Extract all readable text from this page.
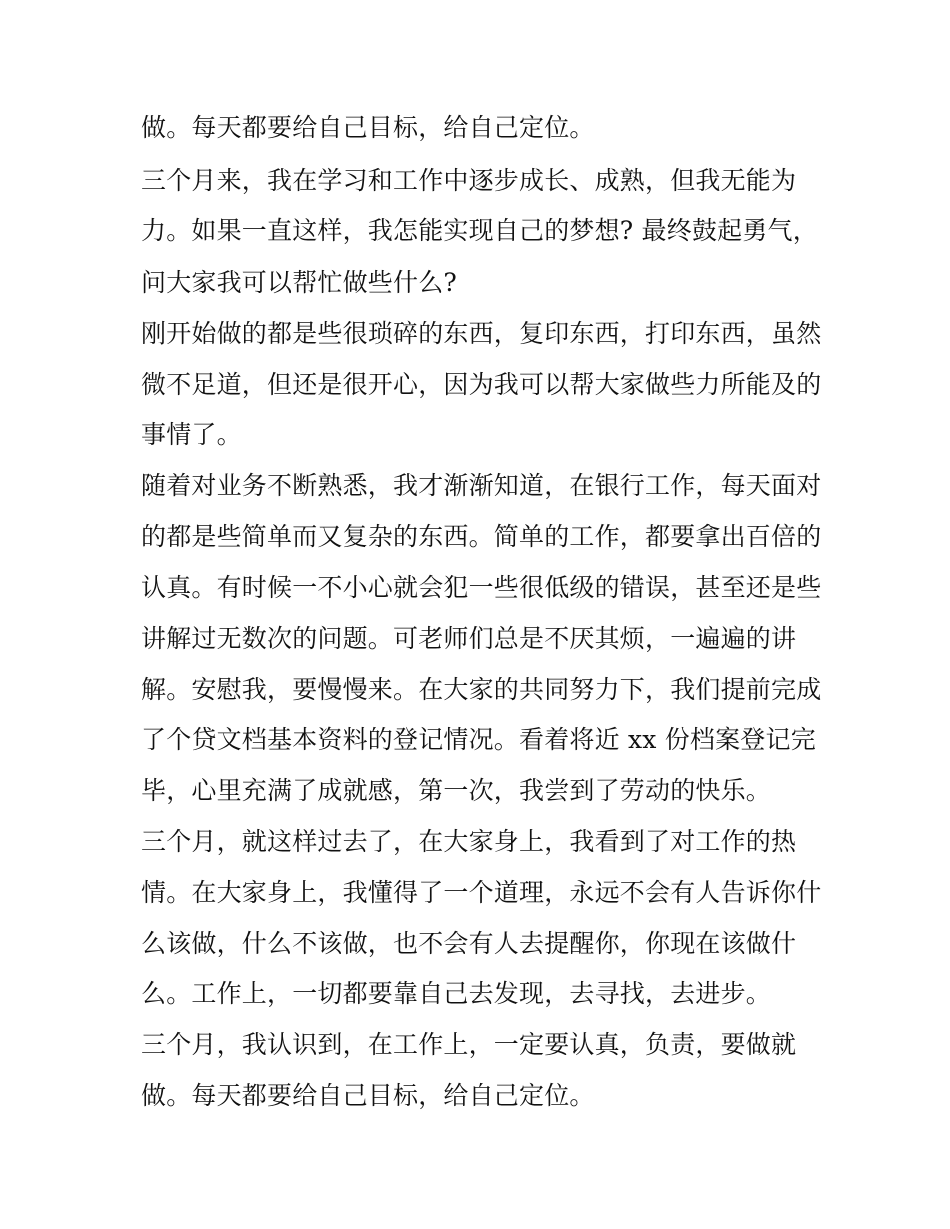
做。每天都要给自己目标，给自己定位。
三个月来，我在学习和工作中逐步成长、成熟，但我无能为
力。如果一直这样，我怎能实现自己的梦想? 最终鼓起勇气，
问大家我可以帮忙做些什么?
刚开始做的都是些很琐碎的东西，复印东西，打印东西，虽然
微不足道，但还是很开心，因为我可以帮大家做些力所能及的
事情了。
随着对业务不断熟悉，我才渐渐知道，在银行工作，每天面对
的都是些简单而又复杂的东西。简单的工作，都要拿出百倍的
认真。有时候一不小心就会犯一些很低级的错误，甚至还是些
讲解过无数次的问题。可老师们总是不厌其烦，一遍遍的讲
解。安慰我，要慢慢来。在大家的共同努力下，我们提前完成
了个贷文档基本资料的登记情况。看着将近 xx 份档案登记完
毕，心里充满了成就感，第一次，我尝到了劳动的快乐。
三个月，就这样过去了，在大家身上，我看到了对工作的热
情。在大家身上，我懂得了一个道理，永远不会有人告诉你什
么该做，什么不该做，也不会有人去提醒你，你现在该做什
么。工作上，一切都要靠自己去发现，去寻找，去进步。
三个月，我认识到，在工作上，一定要认真，负责，要做就
做。每天都要给自己目标，给自己定位。
